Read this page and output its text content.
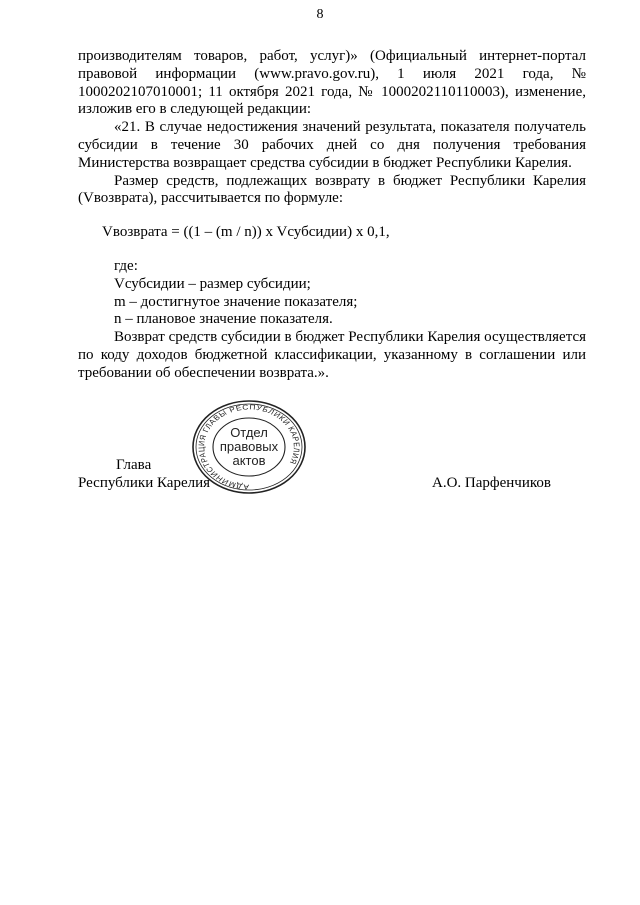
8

производителям товаров, работ, услуг)» (Официальный интернет-портал правовой информации (www.pravo.gov.ru), 1 июля 2021 года, № 1000202107010001; 11 октября 2021 года, № 1000202110110003), изменение, изложив его в следующей редакции:

«21. В случае недостижения значений результата, показателя получатель субсидии в течение 30 рабочих дней со дня получения требования Министерства возвращает средства субсидии в бюджет Республики Карелия.

Размер средств, подлежащих возврату в бюджет Республики Карелия (Vвозврата), рассчитывается по формуле:

Vвозврата = ((1 – (m / n)) x Vсубсидии) x 0,1,

где:

Vсубсидии – размер субсидии;

m – достигнутое значение показателя;

n – плановое значение показателя.

Возврат средств субсидии в бюджет Республики Карелия осуществляется по коду доходов бюджетной классификации, указанному в соглашении или требовании об обеспечении возврата.».

АДМИНИСТРАЦИЯ ГЛАВЫ РЕСПУБЛИКИ КАРЕЛИЯ
Отдел
правовых
актов
Глава
Республики Карелия	А.О. Парфенчиков
